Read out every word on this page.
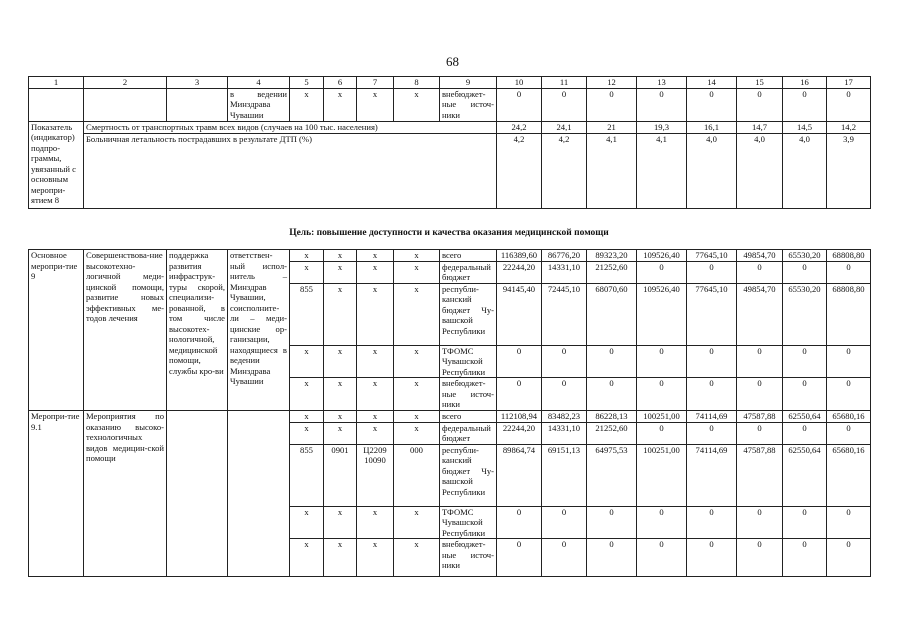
68
1	2	3	4	5	6	7	8	9	10	11	12	13	14	15	16	17
			в ведении Минздрава Чувашии	x	x	x	x	внебюджет-ные источ-ники	0	0	0	0	0	0	0	0
Показатель (индикатор) подпро-граммы, увязанный с основным меропри-ятием 8	Смертность от транспортных травм всех видов (случаев на 100 тыс. населения)								24,2	24,1	21	19,3	16,1	14,7	14,5	14,2
	Больничная летальность пострадавших в результате ДТП (%)								4,2	4,2	4,1	4,1	4,0	4,0	4,0	3,9
Цель: повышение доступности и качества оказания медицинской помощи
Основное меропри-тие 9	Совершенствова-ние высокотехно-логичной меди-цинской помощи, развитие новых эффективных ме-тодов лечения	поддержка развития инфраструк-туры скорой, специализи-рованной, в том числе высокотех-нологичной, медицинской помощи, службы кро-ви	ответствен-ный испол-нитель – Минздрав Чувашии, соисполните-ли – меди-цинские ор-ганизации, находящиеся в ведении Минздрава Чувашии	x	x	x	x	всего	116389,60	86776,20	89323,20	109526,40	77645,10	49854,70	65530,20	68808,80
				x	x	x	x	федеральный бюджет	22244,20	14331,10	21252,60	0	0	0	0	0
				855	x	x	x	республи-канский бюджет Чу-вашской Республики	94145,40	72445,10	68070,60	109526,40	77645,10	49854,70	65530,20	68808,80
				x	x	x	x	ТФОМС Чувашской Республики	0	0	0	0	0	0	0	0
				x	x	x	x	внебюджет-ные источ-ники	0	0	0	0	0	0	0	0
Меропри-тие 9.1	Мероприятия по оказанию высоко-технологичных видов медицин-ской помощи			x	x	x	x	всего	112108,94	83482,23	86228,13	100251,00	74114,69	47587,88	62550,64	65680,16
				x	x	x	x	федеральный бюджет	22244,20	14331,10	21252,60	0	0	0	0	0
				855	0901	Ц2209 10090	000	республи-канский бюджет Чу-вашской Республики	89864,74	69151,13	64975,53	100251,00	74114,69	47587,88	62550,64	65680,16
				x	x	x	x	ТФОМС Чувашской Республики	0	0	0	0	0	0	0	0
				x	x	x	x	внебюджет-ные источ-ники	0	0	0	0	0	0	0	0
